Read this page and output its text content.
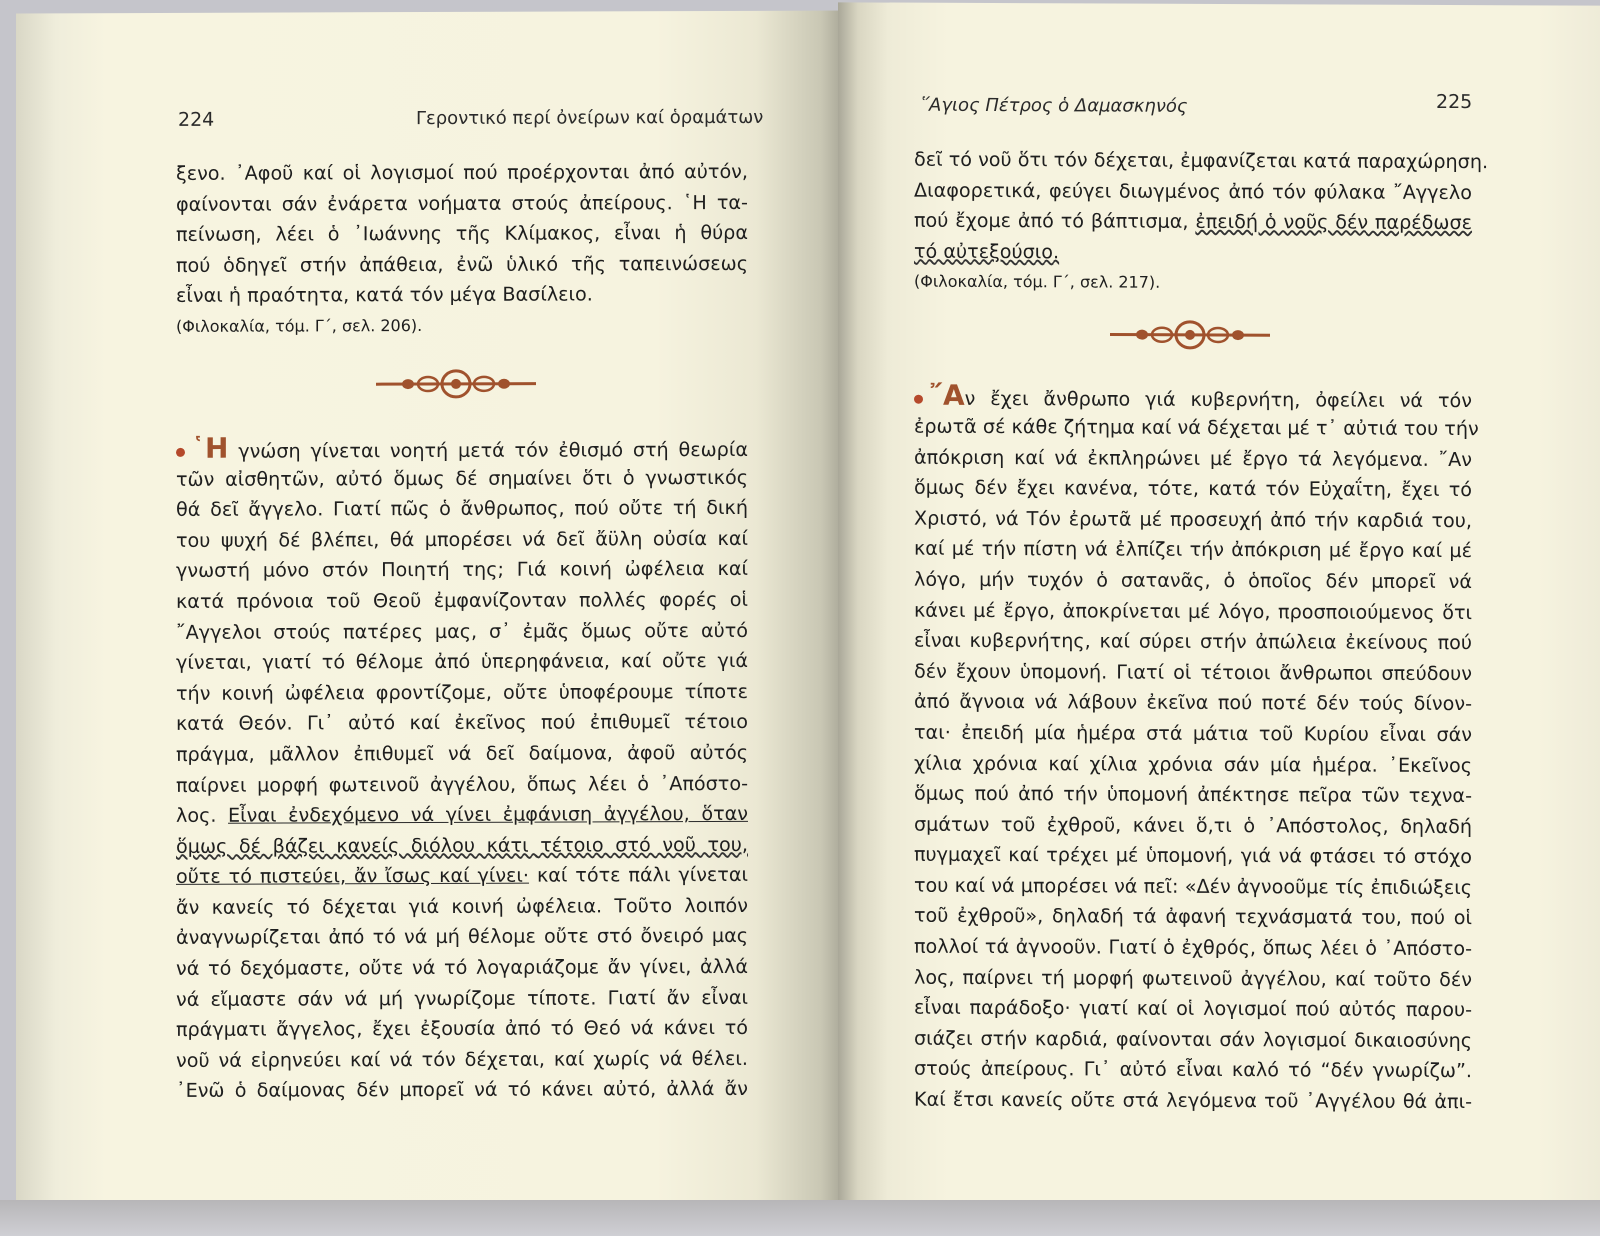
224	Γεροντικό περί ὀνείρων καί ὁραμάτων
ξενο. ᾿Αφοῦ καί οἱ λογισμοί πού προέρχονται ἀπό αὐτόν,
φαίνονται σάν ἐνάρετα νοήματα στούς ἀπείρους. ῾Η τα-
πείνωση, λέει ὁ ᾿Ιωάννης τῆς Κλίμακος, εἶναι ἡ θύρα
πού ὁδηγεῖ στήν ἀπάθεια, ἐνῶ ὑλικό τῆς ταπεινώσεως
εἶναι ἡ πραότητα, κατά τόν μέγα Βασίλειο.
(Φιλοκαλία, τόμ. Γ΄, σελ. 206).
῾Η γνώση γίνεται νοητή μετά τόν ἐθισμό στή θεωρία
τῶν αἰσθητῶν, αὐτό ὅμως δέ σημαίνει ὅτι ὁ γνωστικός
θά δεῖ ἄγγελο. Γιατί πῶς ὁ ἄνθρωπος, πού οὔτε τή δική
του ψυχή δέ βλέπει, θά μπορέσει νά δεῖ ἄϋλη οὐσία καί
γνωστή μόνο στόν Ποιητή της; Γιά κοινή ὠφέλεια καί
κατά πρόνοια τοῦ Θεοῦ ἐμφανίζονταν πολλές φορές οἱ
῎Αγγελοι στούς πατέρες μας, σ᾿ ἐμᾶς ὅμως οὔτε αὐτό
γίνεται, γιατί τό θέλομε ἀπό ὑπερηφάνεια, καί οὔτε γιά
τήν κοινή ὠφέλεια φροντίζομε, οὔτε ὑποφέρουμε τίποτε
κατά Θεόν. Γι᾿ αὐτό καί ἐκεῖνος πού ἐπιθυμεῖ τέτοιο
πράγμα, μᾶλλον ἐπιθυμεῖ νά δεῖ δαίμονα, ἀφοῦ αὐτός
παίρνει μορφή φωτεινοῦ ἀγγέλου, ὅπως λέει ὁ ᾿Απόστο-
λος. Εἶναι ἐνδεχόμενο νά γίνει ἐμφάνιση ἀγγέλου, ὅταν
ὅμως δέ βάζει κανείς διόλου κάτι τέτοιο στό νοῦ του,
οὔτε τό πιστεύει, ἄν ἴσως καί γίνει· καί τότε πάλι γίνεται
ἄν κανείς τό δέχεται γιά κοινή ὠφέλεια. Τοῦτο λοιπόν
ἀναγνωρίζεται ἀπό τό νά μή θέλομε οὔτε στό ὄνειρό μας
νά τό δεχόμαστε, οὔτε νά τό λογαριάζομε ἄν γίνει, ἀλλά
νά εἴμαστε σάν νά μή γνωρίζομε τίποτε. Γιατί ἄν εἶναι
πράγματι ἄγγελος, ἔχει ἐξουσία ἀπό τό Θεό νά κάνει τό
νοῦ νά εἰρηνεύει καί νά τόν δέχεται, καί χωρίς νά θέλει.
᾿Ενῶ ὁ δαίμονας δέν μπορεῖ νά τό κάνει αὐτό, ἀλλά ἄν
῞Αγιος Πέτρος ὁ Δαμασκηνός	225
δεῖ τό νοῦ ὅτι τόν δέχεται, ἐμφανίζεται κατά παραχώρηση.
Διαφορετικά, φεύγει διωγμένος ἀπό τόν φύλακα ῎Αγγελο
πού ἔχομε ἀπό τό βάπτισμα, ἐπειδή ὁ νοῦς δέν παρέδωσε
τό αὐτεξούσιο.
(Φιλοκαλία, τόμ. Γ΄, σελ. 217).
῎Αν ἔχει ἄνθρωπο γιά κυβερνήτη, ὀφείλει νά τόν
ἐρωτᾶ σέ κάθε ζήτημα καί νά δέχεται μέ τ᾿ αὐτιά του τήν
ἀπόκριση καί νά ἐκπληρώνει μέ ἔργο τά λεγόμενα. ῎Αν
ὅμως δέν ἔχει κανένα, τότε, κατά τόν Εὐχαΐτη, ἔχει τό
Χριστό, νά Τόν ἐρωτᾶ μέ προσευχή ἀπό τήν καρδιά του,
καί μέ τήν πίστη νά ἐλπίζει τήν ἀπόκριση μέ ἔργο καί μέ
λόγο, μήν τυχόν ὁ σατανᾶς, ὁ ὁποῖος δέν μπορεῖ νά
κάνει μέ ἔργο, ἀποκρίνεται μέ λόγο, προσποιούμενος ὅτι
εἶναι κυβερνήτης, καί σύρει στήν ἀπώλεια ἐκείνους πού
δέν ἔχουν ὑπομονή. Γιατί οἱ τέτοιοι ἄνθρωποι σπεύδουν
ἀπό ἄγνοια νά λάβουν ἐκεῖνα πού ποτέ δέν τούς δίνον-
ται· ἐπειδή μία ἡμέρα στά μάτια τοῦ Κυρίου εἶναι σάν
χίλια χρόνια καί χίλια χρόνια σάν μία ἡμέρα. ᾿Εκεῖνος
ὅμως πού ἀπό τήν ὑπομονή ἀπέκτησε πεῖρα τῶν τεχνα-
σμάτων τοῦ ἐχθροῦ, κάνει ὅ,τι ὁ ᾿Απόστολος, δηλαδή
πυγμαχεῖ καί τρέχει μέ ὑπομονή, γιά νά φτάσει τό στόχο
του καί νά μπορέσει νά πεῖ: «Δέν ἀγνοοῦμε τίς ἐπιδιώξεις
τοῦ ἐχθροῦ», δηλαδή τά ἀφανή τεχνάσματά του, πού οἱ
πολλοί τά ἀγνοοῦν. Γιατί ὁ ἐχθρός, ὅπως λέει ὁ ᾿Απόστο-
λος, παίρνει τή μορφή φωτεινοῦ ἀγγέλου, καί τοῦτο δέν
εἶναι παράδοξο· γιατί καί οἱ λογισμοί πού αὐτός παρου-
σιάζει στήν καρδιά, φαίνονται σάν λογισμοί δικαιοσύνης
στούς ἀπείρους. Γι᾿ αὐτό εἶναι καλό τό “δέν γνωρίζω”.
Καί ἔτσι κανείς οὔτε στά λεγόμενα τοῦ ᾿Αγγέλου θά ἀπι-
